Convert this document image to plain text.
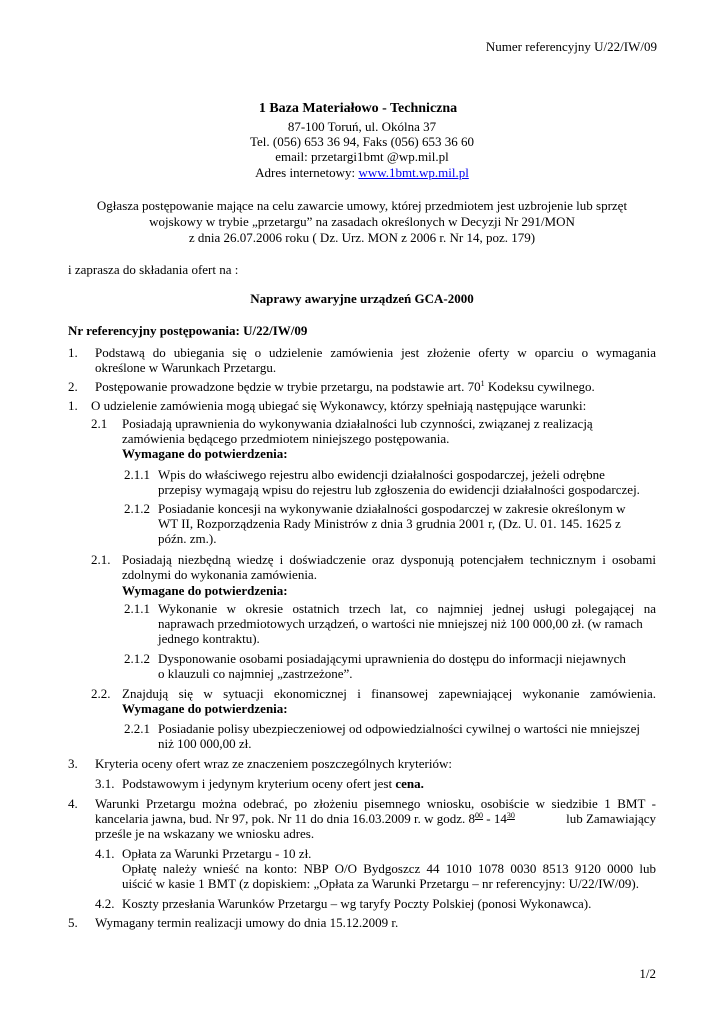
Numer referencyjny U/22/IW/09
1 Baza Materiałowo - Techniczna
87-100 Toruń, ul. Okólna 37
Tel. (056) 653 36 94, Faks (056) 653 36 60
email: przetargi1bmt @wp.mil.pl
Adres internetowy: www.1bmt.wp.mil.pl
Ogłasza postępowanie mające na celu zawarcie umowy, której przedmiotem jest uzbrojenie lub sprzęt
wojskowy w trybie „przetargu” na zasadach określonych w Decyzji Nr 291/MON
z dnia 26.07.2006 roku ( Dz. Urz. MON z 2006 r. Nr 14, poz. 179)
i zaprasza do składania ofert na :
Naprawy awaryjne urządzeń GCA-2000
Nr referencyjny postępowania: U/22/IW/09
1. Podstawą do ubiegania się o udzielenie zamówienia jest złożenie oferty w oparciu o wymagania
określone w Warunkach Przetargu.
2. Postępowanie prowadzone będzie w trybie przetargu, na podstawie art. $70^1$ Kodeksu cywilnego.
1. O udzielenie zamówienia mogą ubiegać się Wykonawcy, którzy spełniają następujące warunki:
2.1 Posiadają uprawnienia do wykonywania działalności lub czynności, związanej z realizacją
zamówienia będącego przedmiotem niniejszego postępowania.
Wymagane do potwierdzenia:
2.1.1 Wpis do właściwego rejestru albo ewidencji działalności gospodarczej, jeżeli odrębne
przepisy wymagają wpisu do rejestru lub zgłoszenia do ewidencji działalności gospodarczej.
2.1.2 Posiadanie koncesji na wykonywanie działalności gospodarczej w zakresie określonym w
WT II, Rozporządzenia Rady Ministrów z dnia 3 grudnia 2001 r, (Dz. U. 01. 145. 1625 z
późn. zm.).
2.1. Posiadają niezbędną wiedzę i doświadczenie oraz dysponują potencjałem technicznym i osobami
zdolnymi do wykonania zamówienia.
Wymagane do potwierdzenia:
2.1.1 Wykonanie w okresie ostatnich trzech lat, co najmniej jednej usługi polegającej na
naprawach przedmiotowych urządzeń, o wartości nie mniejszej niż 100 000,00 zł. (w ramach
jednego kontraktu).
2.1.2 Dysponowanie osobami posiadającymi uprawnienia do dostępu do informacji niejawnych
o klauzuli co najmniej „zastrzeżone”.
2.2. Znajdują się w sytuacji ekonomicznej i finansowej zapewniającej wykonanie zamówienia.
Wymagane do potwierdzenia:
2.2.1 Posiadanie polisy ubezpieczeniowej od odpowiedzialności cywilnej o wartości nie mniejszej
niż 100 000,00 zł.
3. Kryteria oceny ofert wraz ze znaczeniem poszczególnych kryteriów:
3.1. Podstawowym i jedynym kryterium oceny ofert jest cena.
4. Warunki Przetargu można odebrać, po złożeniu pisemnego wniosku, osobiście w siedzibie 1 BMT -
kancelaria jawna, bud. Nr 97, pok. Nr 11 do dnia 16.03.2009 r. w godz. $8^{00} - 14^{30}$	lub Zamawiający
prześle je na wskazany we wniosku adres.
4.1. Opłata za Warunki Przetargu - 10 zł.
Opłatę należy wnieść na konto: NBP O/O Bydgoszcz 44 1010 1078 0030 8513 9120 0000 lub
uiścić w kasie 1 BMT (z dopiskiem: „Opłata za Warunki Przetargu – nr referencyjny: U/22/IW/09).
4.2. Koszty przesłania Warunków Przetargu – wg taryfy Poczty Polskiej (ponosi Wykonawca).
5. Wymagany termin realizacji umowy do dnia 15.12.2009 r.
1/2
